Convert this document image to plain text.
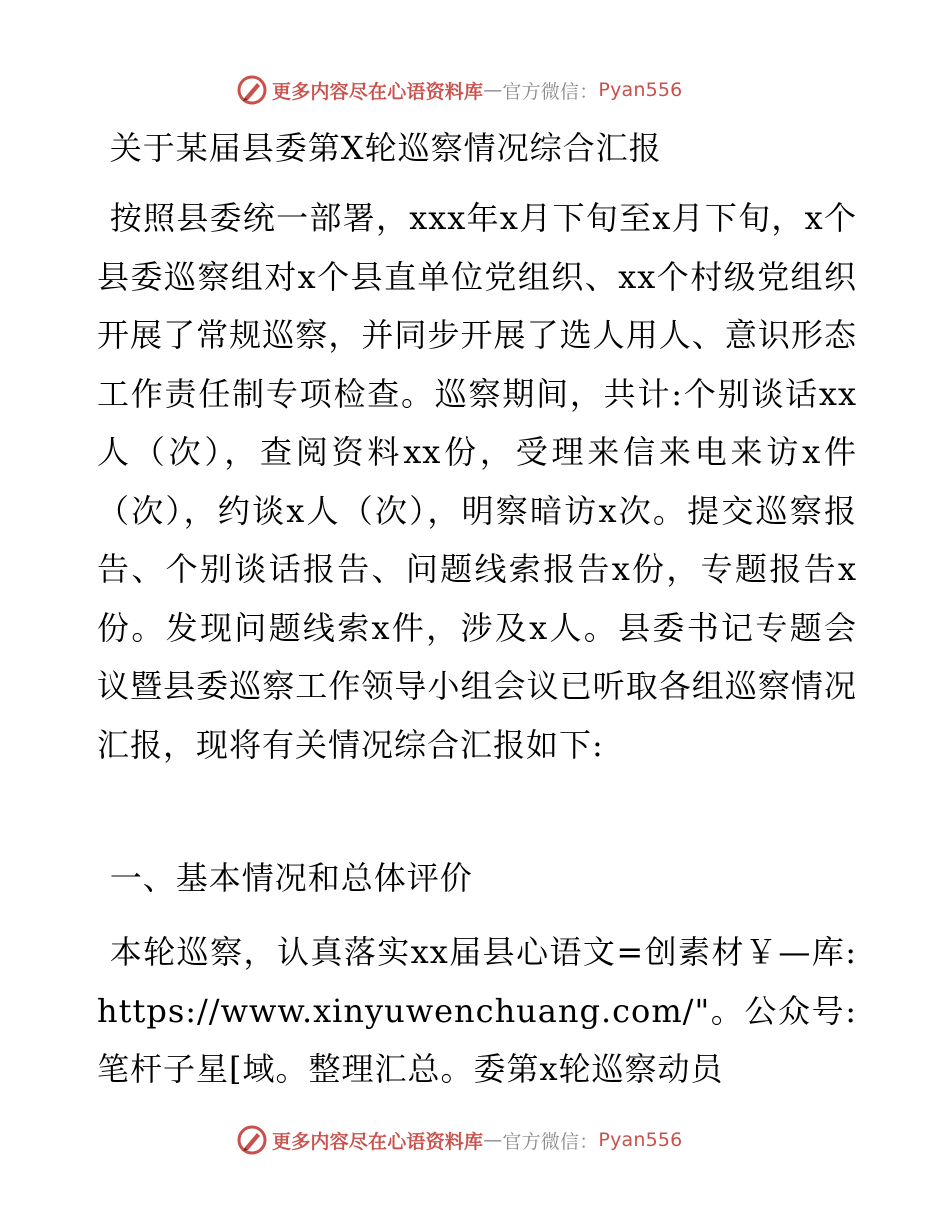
更多内容尽在心语资料库 — 官方微信： Pyan556

关于某届县委第X轮巡察情况综合汇报

按照县委统一部署，xxx年x月下旬至x月下旬，x个县委巡察组对x个县直单位党组织、xx个村级党组织开展了常规巡察，并同步开展了选人用人、意识形态工作责任制专项检查。巡察期间，共计:个别谈话xx人（次），查阅资料xx份，受理来信来电来访x件（次），约谈x人（次），明察暗访x次。提交巡察报告、个别谈话报告、问题线索报告x份，专题报告x份。发现问题线索x件，涉及x人。县委书记专题会议暨县委巡察工作领导小组会议已听取各组巡察情况汇报，现将有关情况综合汇报如下:

一、基本情况和总体评价

本轮巡察，认真落实xx届县心语文=创素材￥—库: https://www.xinyuwenchuang.com/"。公众号: 笔杆子星[域。整理汇总。委第x轮巡察动员

更多内容尽在心语资料库 — 官方微信： Pyan556
